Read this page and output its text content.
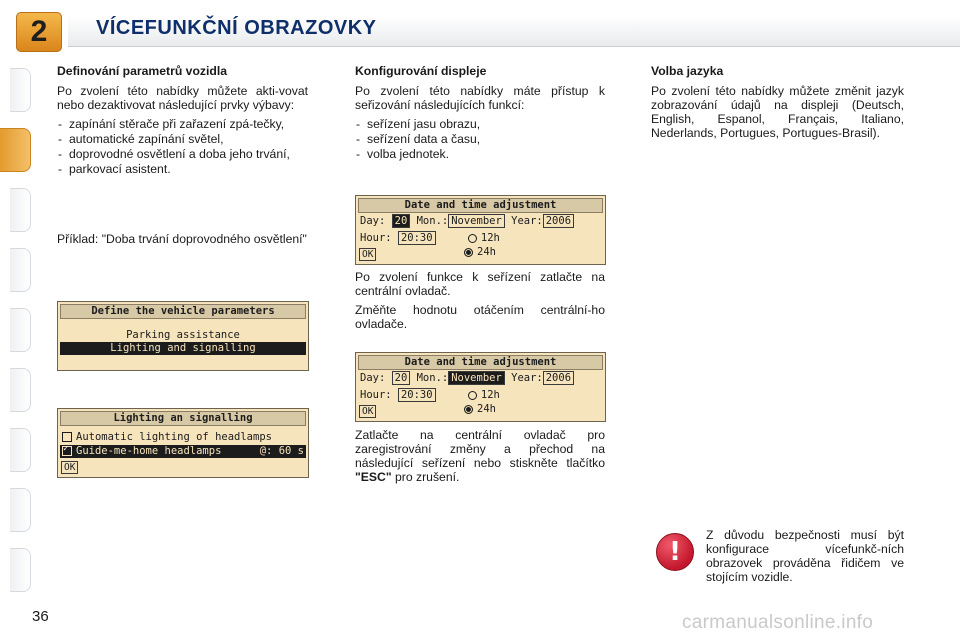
2	VÍCEFUNKČNÍ OBRAZOVKY
Definování parametrů vozidla

Po zvolení této nabídky můžete akti-vovat nebo dezaktivovat následující prvky výbavy:

- zapínání stěrače při zařazení zpá-tečky,
- automatické zapínání světel,
- doprovodné osvětlení a doba jeho trvání,
- parkovací asistent.

Příklad: "Doba trvání doprovodného osvětlení"

Define the vehicle parameters
Parking assistance
Lighting and signalling
Lighting an signalling
Automatic lighting of headlamps
✓Guide-me-home headlamps	@: 60 s
OK
Konfigurování displeje

Po zvolení této nabídky máte přístup k seřizování následujících funkcí:

- seřízení jasu obrazu,
- seřízení data a času,
- volba jednotek.
Date and time adjustment
Day: 20 Mon.: November Year: 2006
Hour: 20:30	12h
24h
OK

Po zvolení funkce k seřízení zatlačte na centrální ovladač.

Změňte hodnotu otáčením centrální-ho ovladače.

Date and time adjustment
Day: 20 Mon.: November Year: 2006
Hour: 20:30	12h
24h
OK

Zatlačte na centrální ovladač pro zaregistrování změny a přechod na následující seřízení nebo stiskněte tlačítko "ESC" pro zrušení.

Volba jazyka

Po zvolení této nabídky můžete změnit jazyk zobrazování údajů na displeji (Deutsch, English, Espanol, Français, Italiano, Nederlands, Portugues, Portugues-Brasil).

!
Z důvodu bezpečnosti musí být konfigurace vícefunkč-ních obrazovek prováděna řidičem ve stojícím vozidle.
36	carmanualsonline.info
